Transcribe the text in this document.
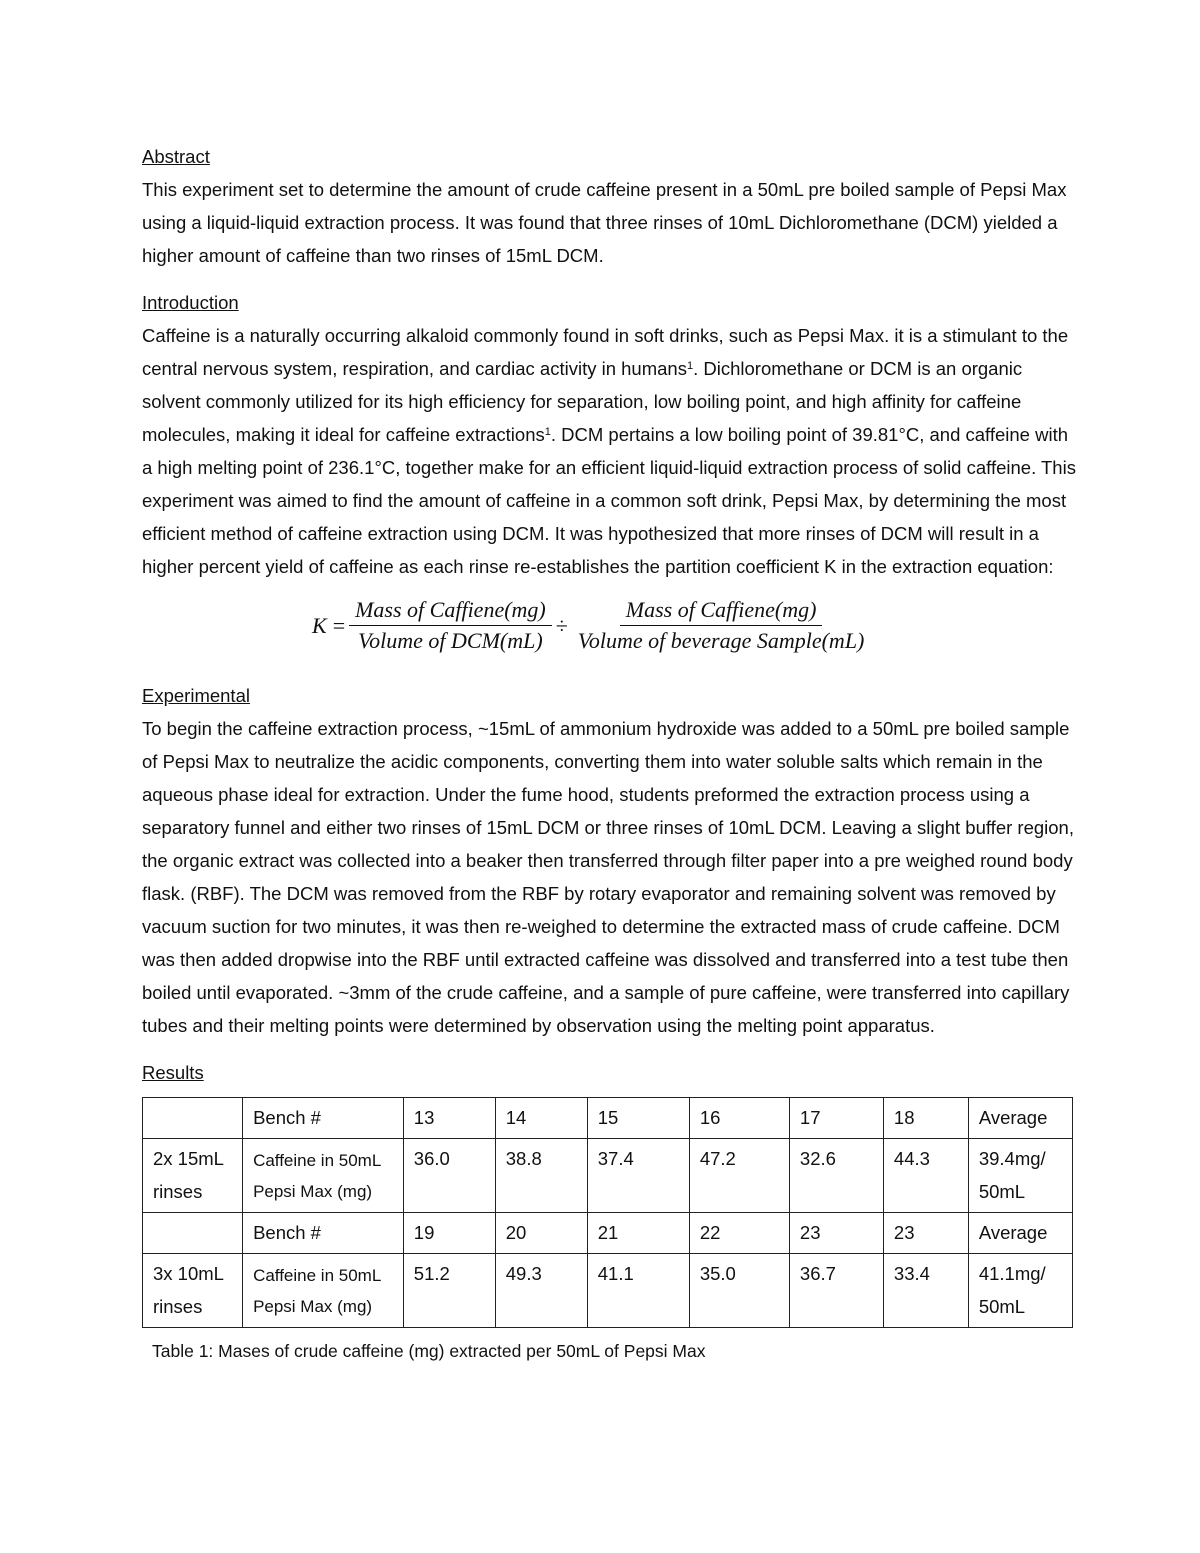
Abstract

This experiment set to determine the amount of crude caffeine present in a 50mL pre boiled sample of Pepsi Max using a liquid-liquid extraction process. It was found that three rinses of 10mL Dichloromethane (DCM) yielded a higher amount of caffeine than two rinses of 15mL DCM.

Introduction

Caffeine is a naturally occurring alkaloid commonly found in soft drinks, such as Pepsi Max. it is a stimulant to the central nervous system, respiration, and cardiac activity in humans$^1$. Dichloromethane or DCM is an organic solvent commonly utilized for its high efficiency for separation, low boiling point, and high affinity for caffeine molecules, making it ideal for caffeine extractions$^1$. DCM pertains a low boiling point of 39.81°C, and caffeine with a high melting point of 236.1°C, together make for an efficient liquid-liquid extraction process of solid caffeine. This experiment was aimed to find the amount of caffeine in a common soft drink, Pepsi Max, by determining the most efficient method of caffeine extraction using DCM. It was hypothesized that more rinses of DCM will result in a higher percent yield of caffeine as each rinse re-establishes the partition coefficient K in the extraction equation:

$K = \frac{\text{Mass of Caffiene(mg)}}{\text{Volume of DCM(mL)}} \div \frac{\text{Mass of Caffiene(mg)}}{\text{Volume of beverage Sample(mL)}}$

Experimental

To begin the caffeine extraction process, ~15mL of ammonium hydroxide was added to a 50mL pre boiled sample of Pepsi Max to neutralize the acidic components, converting them into water soluble salts which remain in the aqueous phase ideal for extraction. Under the fume hood, students preformed the extraction process using a separatory funnel and either two rinses of 15mL DCM or three rinses of 10mL DCM. Leaving a slight buffer region, the organic extract was collected into a beaker then transferred through filter paper into a pre weighed round body flask. (RBF). The DCM was removed from the RBF by rotary evaporator and remaining solvent was removed by vacuum suction for two minutes, it was then re-weighed to determine the extracted mass of crude caffeine. DCM was then added dropwise into the RBF until extracted caffeine was dissolved and transferred into a test tube then boiled until evaporated. ~3mm of the crude caffeine, and a sample of pure caffeine, were transferred into capillary tubes and their melting points were determined by observation using the melting point apparatus.

Results

	Bench #	13	14	15	16	17	18	Average
2x 15mL rinses	Caffeine in 50mL Pepsi Max (mg)	36.0	38.8	37.4	47.2	32.6	44.3	39.4mg/ 50mL
	Bench #	19	20	21	22	23	23	Average
3x 10mL rinses	Caffeine in 50mL Pepsi Max (mg)	51.2	49.3	41.1	35.0	36.7	33.4	41.1mg/ 50mL

Table 1: Mases of crude caffeine (mg) extracted per 50mL of Pepsi Max
